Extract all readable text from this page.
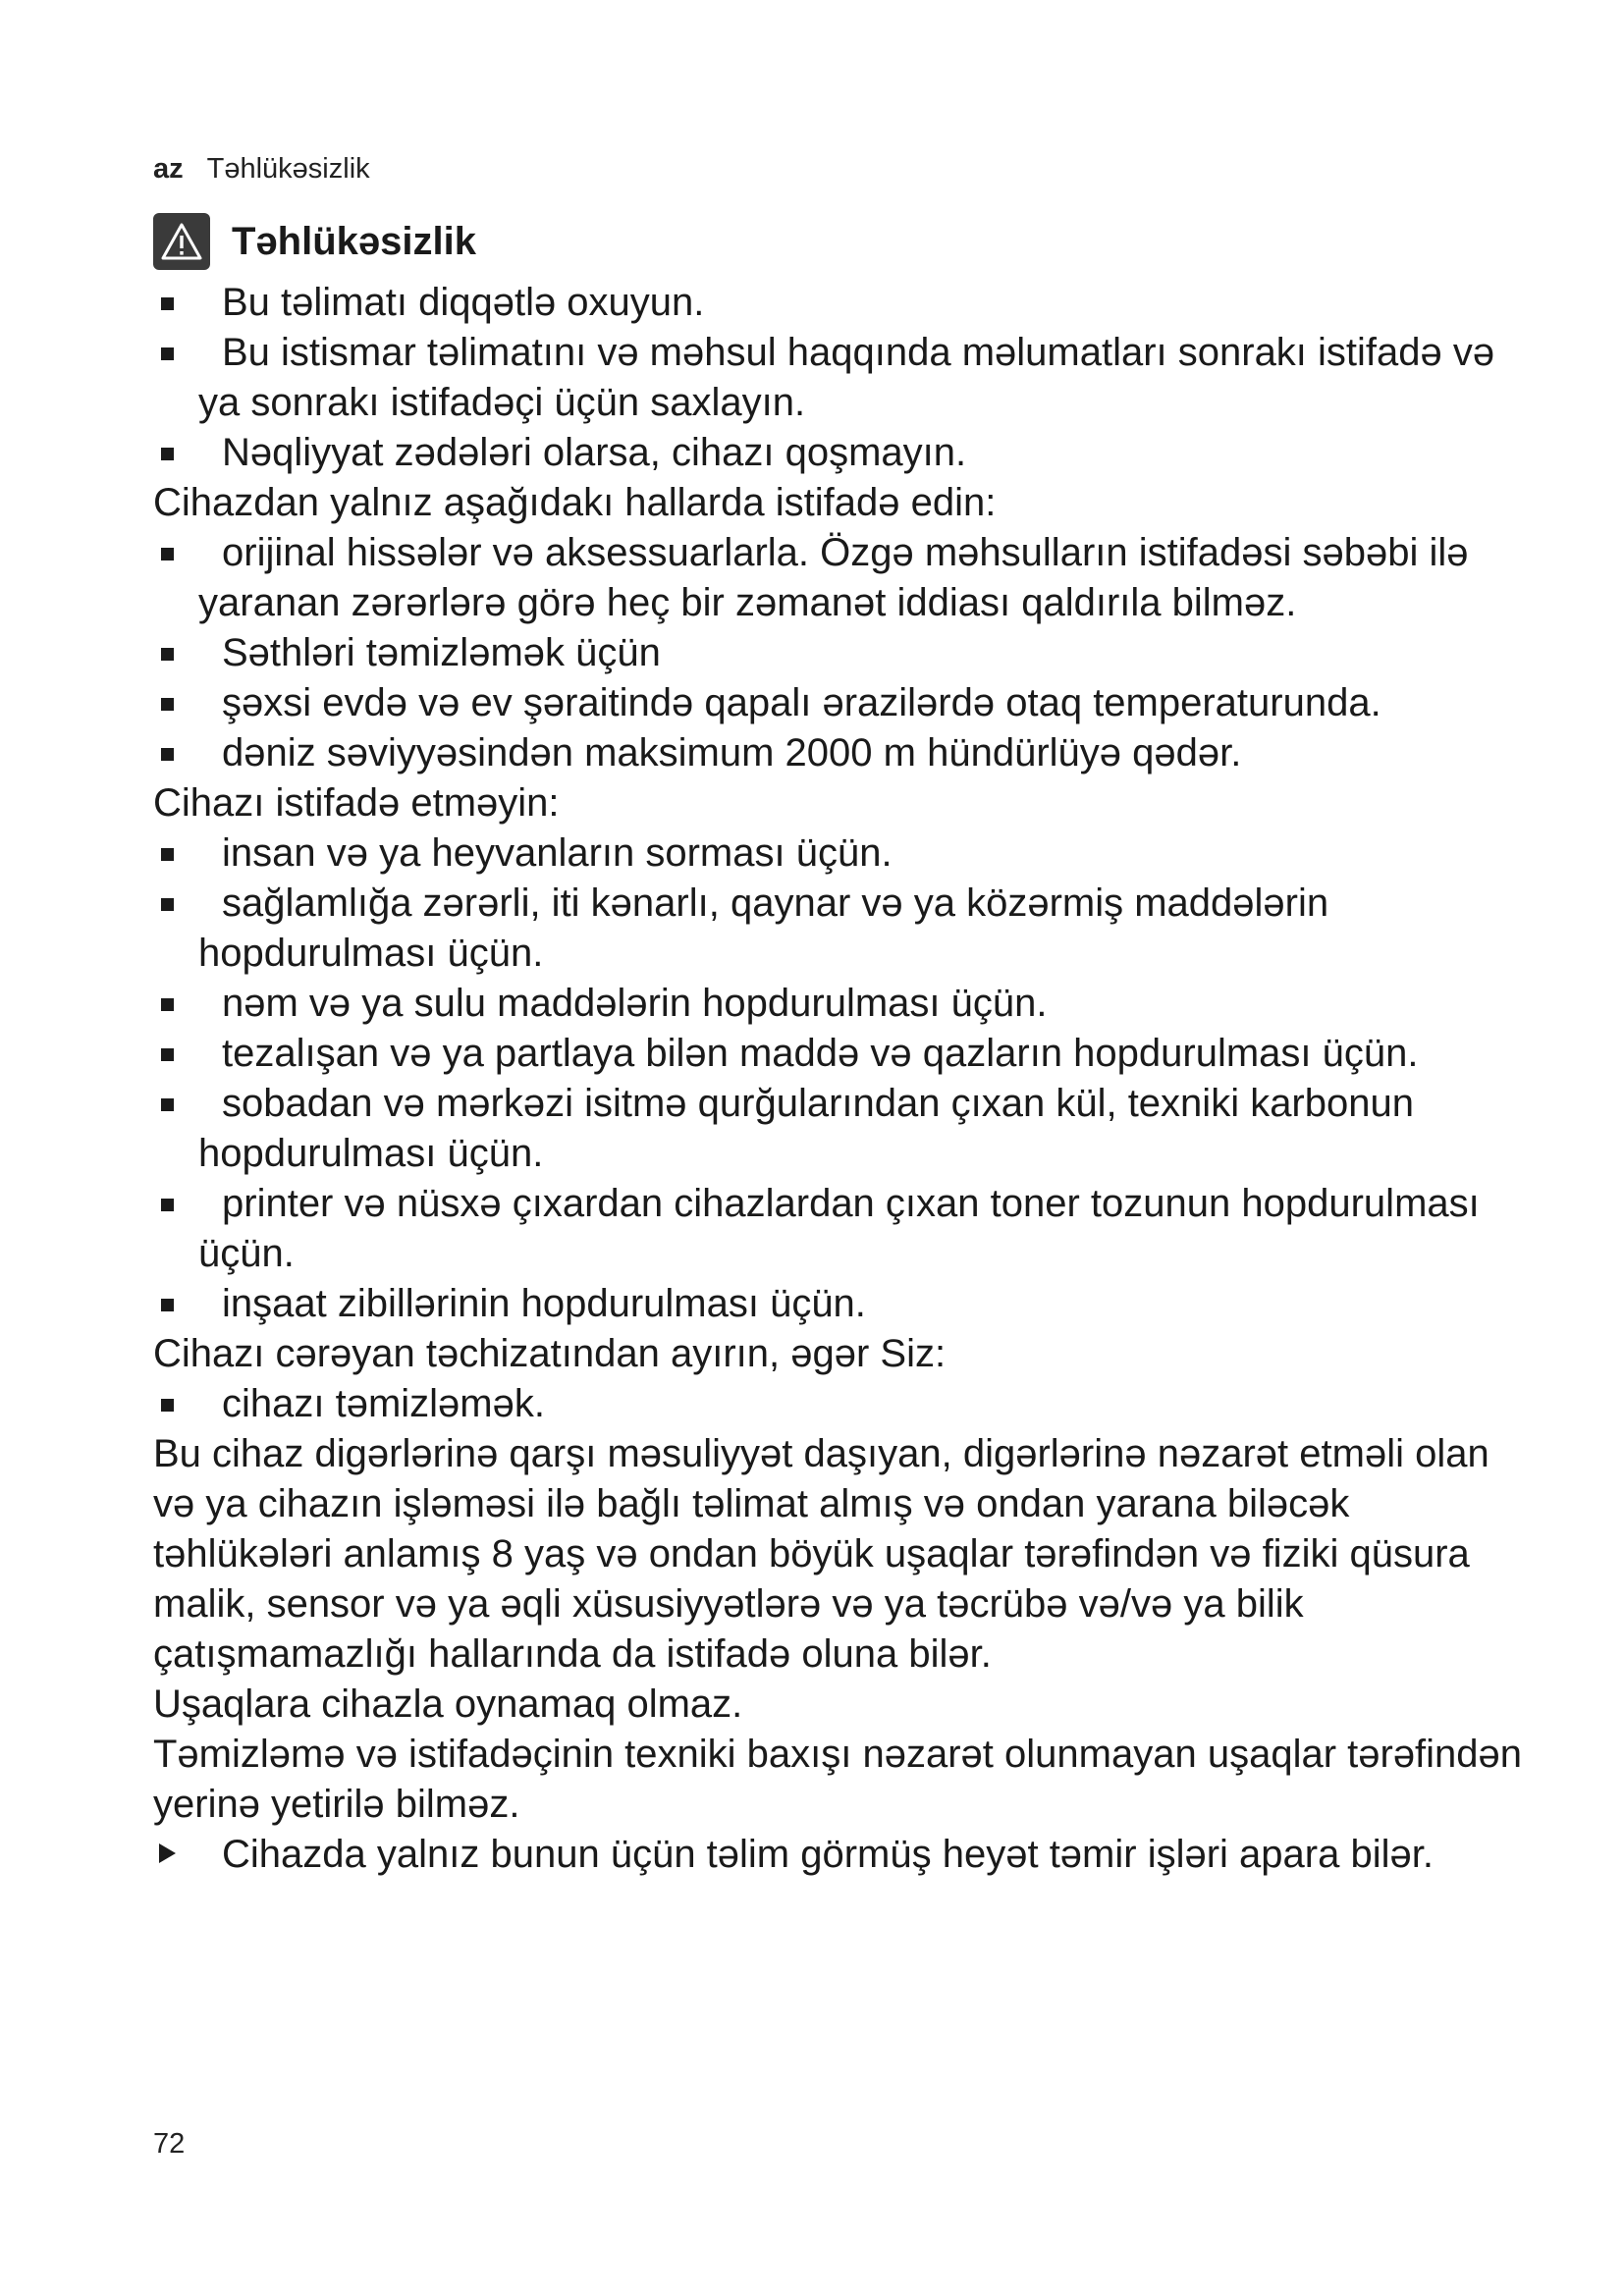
az Təhlükəsizlik
Təhlükəsizlik
Bu təlimatı diqqətlə oxuyun.
Bu istismar təlimatını və məhsul haqqında məlumatları sonrakı istifadə və ya sonrakı istifadəçi üçün saxlayın.
Nəqliyyat zədələri olarsa, cihazı qoşmayın.
Cihazdan yalnız aşağıdakı hallarda istifadə edin:
orijinal hissələr və aksessuarlarla. Özgə məhsulların istifadəsi səbəbi ilə yaranan zərərlərə görə heç bir zəmanət iddiası qaldırıla bilməz.
Səthləri təmizləmək üçün
şəxsi evdə və ev şəraitində qapalı ərazilərdə otaq temperaturunda.
dəniz səviyyəsindən maksimum 2000 m hündürlüyə qədər.
Cihazı istifadə etməyin:
insan və ya heyvanların sorması üçün.
sağlamlığa zərərli, iti kənarlı, qaynar və ya közərmiş maddələrin hopdurulması üçün.
nəm və ya sulu maddələrin hopdurulması üçün.
tezalışan və ya partlaya bilən maddə və qazların hopdurulması üçün.
sobadan və mərkəzi isitmə qurğularından çıxan kül, texniki karbonun hopdurulması üçün.
printer və nüsxə çıxardan cihazlardan çıxan toner tozunun hopdurulması üçün.
inşaat zibillərinin hopdurulması üçün.
Cihazı cərəyan təchizatından ayırın, əgər Siz:
cihazı təmizləmək.
Bu cihaz digərlərinə qarşı məsuliyyət daşıyan, digərlərinə nəzarət etməli olan və ya cihazın işləməsi ilə bağlı təlimat almış və ondan yarana biləcək təhlükələri anlamış 8 yaş və ondan böyük uşaqlar tərəfindən və fiziki qüsura malik, sensor və ya əqli xüsusiyyətlərə və ya təcrübə və/və ya bilik çatışmamazlığı hallarında da istifadə oluna bilər.
Uşaqlara cihazla oynamaq olmaz.
Təmizləmə və istifadəçinin texniki baxışı nəzarət olunmayan uşaqlar tərəfindən yerinə yetirilə bilməz.
Cihazda yalnız bunun üçün təlim görmüş heyət təmir işləri apara bilər.
72
